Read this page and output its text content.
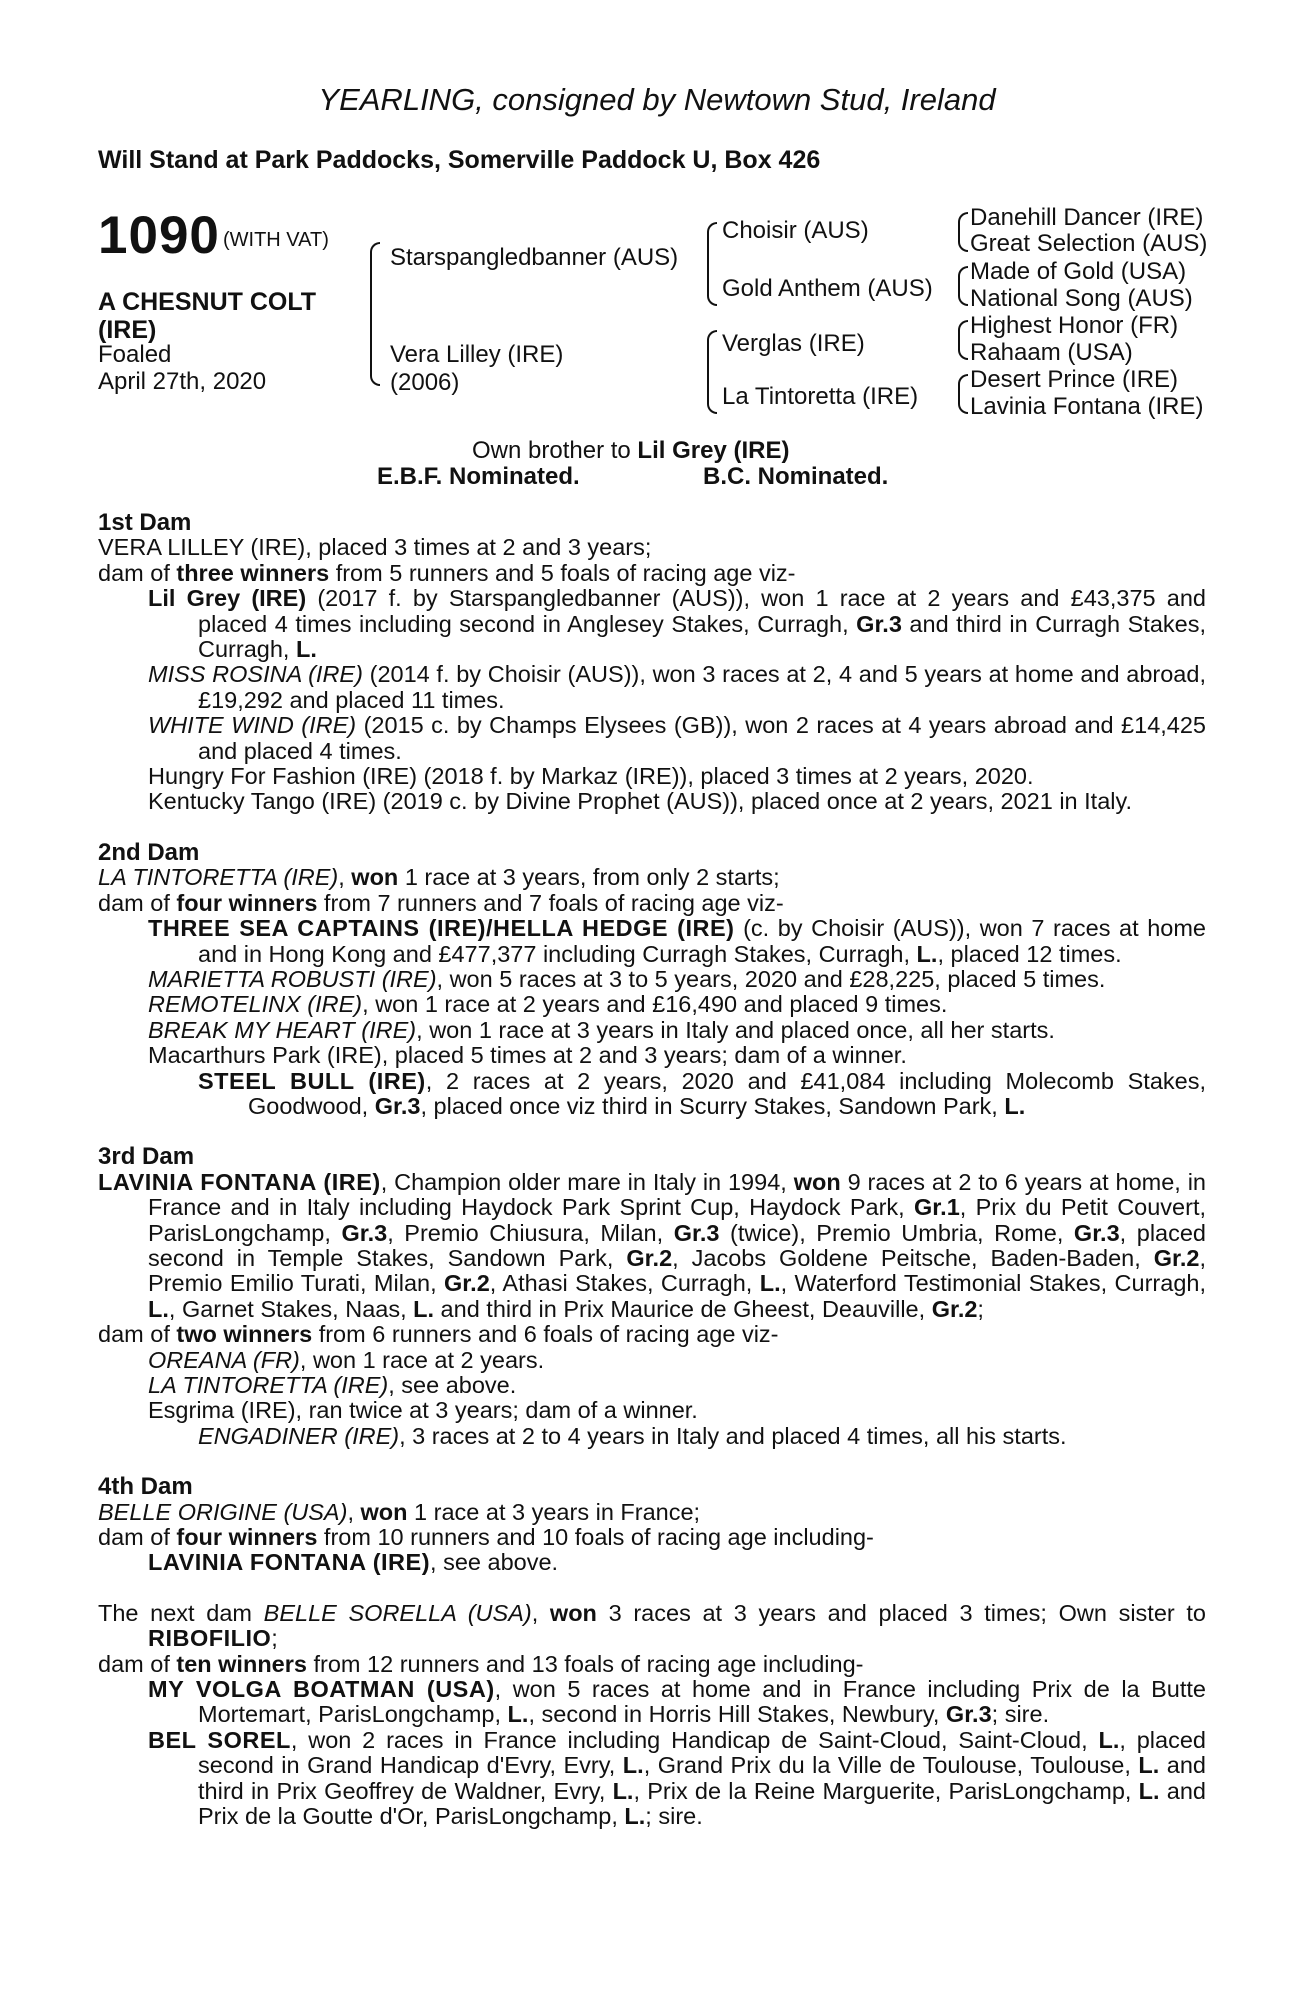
YEARLING, consigned by Newtown Stud, Ireland
Will Stand at Park Paddocks, Somerville Paddock U, Box 426
1090 (WITH VAT)
A CHESNUT COLT (IRE)
Foaled
April 27th, 2020
Starspangledbanner (AUS)
Vera Lilley (IRE)
(2006)
Choisir (AUS)
Gold Anthem (AUS)
Verglas (IRE)
La Tintoretta (IRE)
Danehill Dancer (IRE)
Great Selection (AUS)
Made of Gold (USA)
National Song (AUS)
Highest Honor (FR)
Rahaam (USA)
Desert Prince (IRE)
Lavinia Fontana (IRE)
Own brother to Lil Grey (IRE)
E.B.F. Nominated.	B.C. Nominated.
1st Dam
VERA LILLEY (IRE), placed 3 times at 2 and 3 years;
dam of three winners from 5 runners and 5 foals of racing age viz-
Lil Grey (IRE) (2017 f. by Starspangledbanner (AUS)), won 1 race at 2 years and £43,375 and placed 4 times including second in Anglesey Stakes, Curragh, Gr.3 and third in Curragh Stakes, Curragh, L.
MISS ROSINA (IRE) (2014 f. by Choisir (AUS)), won 3 races at 2, 4 and 5 years at home and abroad, £19,292 and placed 11 times.
WHITE WIND (IRE) (2015 c. by Champs Elysees (GB)), won 2 races at 4 years abroad and £14,425 and placed 4 times.
Hungry For Fashion (IRE) (2018 f. by Markaz (IRE)), placed 3 times at 2 years, 2020.
Kentucky Tango (IRE) (2019 c. by Divine Prophet (AUS)), placed once at 2 years, 2021 in Italy.
2nd Dam
LA TINTORETTA (IRE), won 1 race at 3 years, from only 2 starts;
dam of four winners from 7 runners and 7 foals of racing age viz-
THREE SEA CAPTAINS (IRE)/HELLA HEDGE (IRE) (c. by Choisir (AUS)), won 7 races at home and in Hong Kong and £477,377 including Curragh Stakes, Curragh, L., placed 12 times.
MARIETTA ROBUSTI (IRE), won 5 races at 3 to 5 years, 2020 and £28,225, placed 5 times.
REMOTELINX (IRE), won 1 race at 2 years and £16,490 and placed 9 times.
BREAK MY HEART (IRE), won 1 race at 3 years in Italy and placed once, all her starts.
Macarthurs Park (IRE), placed 5 times at 2 and 3 years; dam of a winner.
STEEL BULL (IRE), 2 races at 2 years, 2020 and £41,084 including Molecomb Stakes, Goodwood, Gr.3, placed once viz third in Scurry Stakes, Sandown Park, L.
3rd Dam
LAVINIA FONTANA (IRE), Champion older mare in Italy in 1994, won 9 races at 2 to 6 years at home, in France and in Italy including Haydock Park Sprint Cup, Haydock Park, Gr.1, Prix du Petit Couvert, ParisLongchamp, Gr.3, Premio Chiusura, Milan, Gr.3 (twice), Premio Umbria, Rome, Gr.3, placed second in Temple Stakes, Sandown Park, Gr.2, Jacobs Goldene Peitsche, Baden-Baden, Gr.2, Premio Emilio Turati, Milan, Gr.2, Athasi Stakes, Curragh, L., Waterford Testimonial Stakes, Curragh, L., Garnet Stakes, Naas, L. and third in Prix Maurice de Gheest, Deauville, Gr.2;
dam of two winners from 6 runners and 6 foals of racing age viz-
OREANA (FR), won 1 race at 2 years.
LA TINTORETTA (IRE), see above.
Esgrima (IRE), ran twice at 3 years; dam of a winner.
ENGADINER (IRE), 3 races at 2 to 4 years in Italy and placed 4 times, all his starts.
4th Dam
BELLE ORIGINE (USA), won 1 race at 3 years in France;
dam of four winners from 10 runners and 10 foals of racing age including-
LAVINIA FONTANA (IRE), see above.
The next dam BELLE SORELLA (USA), won 3 races at 3 years and placed 3 times; Own sister to RIBOFILIO;
dam of ten winners from 12 runners and 13 foals of racing age including-
MY VOLGA BOATMAN (USA), won 5 races at home and in France including Prix de la Butte Mortemart, ParisLongchamp, L., second in Horris Hill Stakes, Newbury, Gr.3; sire.
BEL SOREL, won 2 races in France including Handicap de Saint-Cloud, Saint-Cloud, L., placed second in Grand Handicap d'Evry, Evry, L., Grand Prix du la Ville de Toulouse, Toulouse, L. and third in Prix Geoffrey de Waldner, Evry, L., Prix de la Reine Marguerite, ParisLongchamp, L. and Prix de la Goutte d'Or, ParisLongchamp, L.; sire.
